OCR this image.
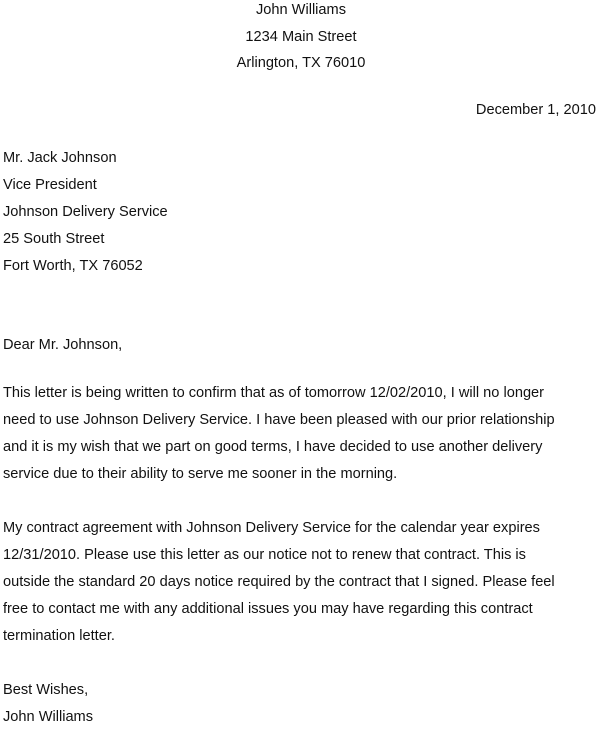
John Williams
1234 Main Street
Arlington, TX 76010
December 1, 2010
Mr. Jack Johnson
Vice President
Johnson Delivery Service
25 South Street
Fort Worth, TX 76052
Dear Mr. Johnson,
This letter is being written to confirm that as of tomorrow 12/02/2010, I will no longer
need to use Johnson Delivery Service. I have been pleased with our prior relationship
and it is my wish that we part on good terms, I have decided to use another delivery
service due to their ability to serve me sooner in the morning.
My contract agreement with Johnson Delivery Service for the calendar year expires
12/31/2010. Please use this letter as our notice not to renew that contract. This is
outside the standard 20 days notice required by the contract that I signed. Please feel
free to contact me with any additional issues you may have regarding this contract
termination letter.
Best Wishes,
John Williams
